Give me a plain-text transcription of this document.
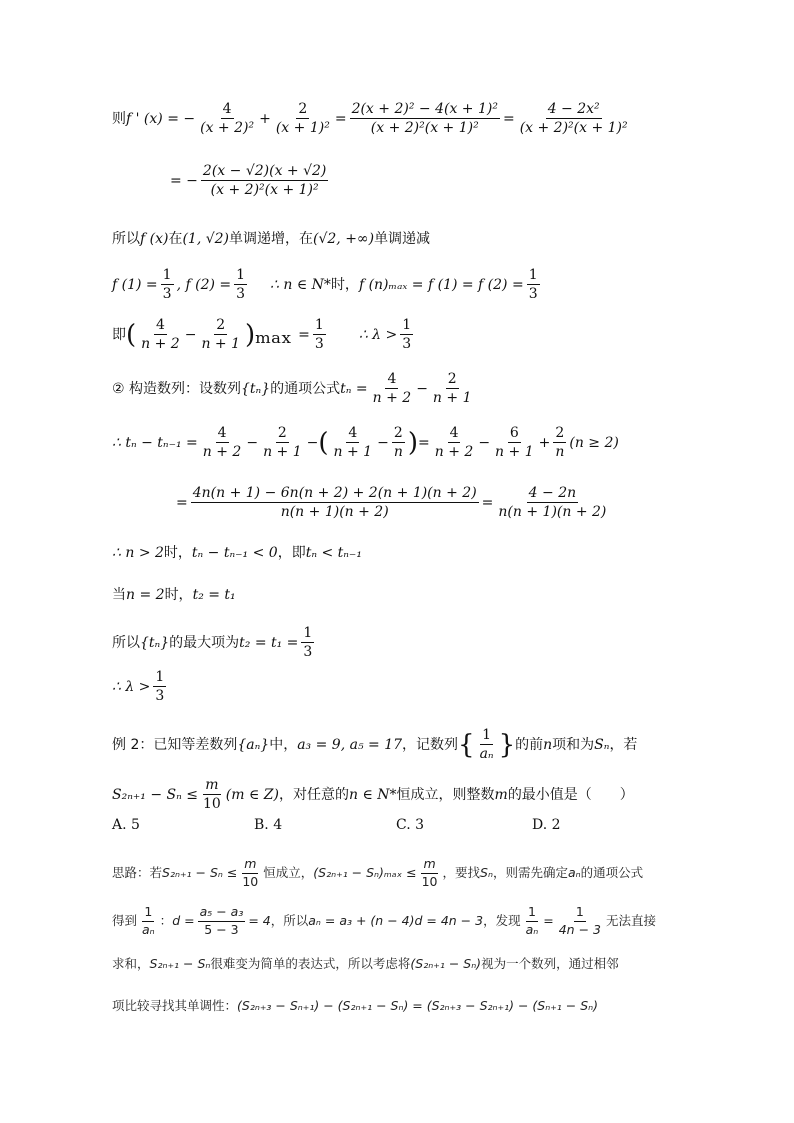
则 f ' (x) = − $\frac{4}{\text{(x + 2)²}} + \frac{2}{\text{(x + 1)²}} = \frac{\text{2(x + 2)² − 4(x + 1)²}}{\text{(x + 2)²(x + 1)²}} = \frac{\text{4 − 2x²}}{\text{(x + 2)²(x + 1)²}}$
= − $\frac{2(x - √2)(x + √2)}{\text{(x + 2)²(x + 1)²}}$
所以 f (x) 在 (1, √2) 单调递增，在 (√2, +∞) 单调递减
f $(1) = \frac{1}{3}$ , f $(2) = \frac{1}{3}$ ∴ n ∈ N* 时， f (n)ₘₐₓ = f (1) = f $(2) = \frac{1}{3}$
即 ( $\frac{4}{n + 2} - \frac{2}{n + 1} )_{max} = \frac{1}{3}$ ∴ $\lambda > \frac{1}{3}$
② 构造数列：设数列 {tₙ} 的通项公式 $t_n = \frac{4}{n + 2} - \frac{2}{n + 1}$
∴ $t_n - t_{n-1} = \frac{4}{n + 2} - \frac{2}{n + 1}$ − ( $\frac{4}{n + 1} - \frac{2}{n}$ ) = $\frac{4}{n + 2} - \frac{6}{n + 1} + \frac{2}{n} (n \ge 2)$
= $\frac{4n(n + 1) - 6n(n + 2) + 2(n + 1)(n + 2)}{n(n + 1)(n + 2)} = \frac{4 - 2n}{n(n + 1)(n + 2)}$
∴ n > 2 时， tₙ − tₙ₋₁ < 0 ，即 tₙ < tₙ₋₁
当 n = 2 时， t₂ = t₁
所以 {tₙ} 的最大项为 $t_2 = t_1 = \frac{1}{3}$
∴ $\lambda > \frac{1}{3}$
例 2：已知等差数列 {aₙ} 中， a₃ = 9, a₅ = 17 ，记数列 { $\frac{1}{\text{aₙ}}$ } 的前 n 项和为 Sₙ ，若
$S_{2n+1} - S_n \le \frac{m}{10} (m$ ∈ Z) ，对任意的 n ∈ N* 恒成立，则整数 m 的最小值是（　　）
A. 5	B. 4	C. 3	D. 2
思路：若 $S_{2n+1} - S_n \le \frac{m}{10}$ 恒成立， $(S_{2n+1} - S_n)_{max} \le \frac{m}{10}$ ，要找 Sₙ ，则需先确定 aₙ 的通项公式
得到 $\frac{1}{\text{aₙ}}$ ： $d = \frac{\text{a₅ − a₃}}{5 - 3} = 4$ ，所以 aₙ = a₃ + (n − 4)d = 4n − 3 ，发现 $\frac{1}{\text{aₙ}} = \frac{1}{4n - 3}$ 无法直接
求和， S₂ₙ₊₁ − Sₙ 很难变为简单的表达式，所以考虑将 (S₂ₙ₊₁ − Sₙ) 视为一个数列，通过相邻
项比较寻找其单调性： (S₂ₙ₊₃ − Sₙ₊₁) − (S₂ₙ₊₁ − Sₙ) = (S₂ₙ₊₃ − S₂ₙ₊₁) − (Sₙ₊₁ − Sₙ)
